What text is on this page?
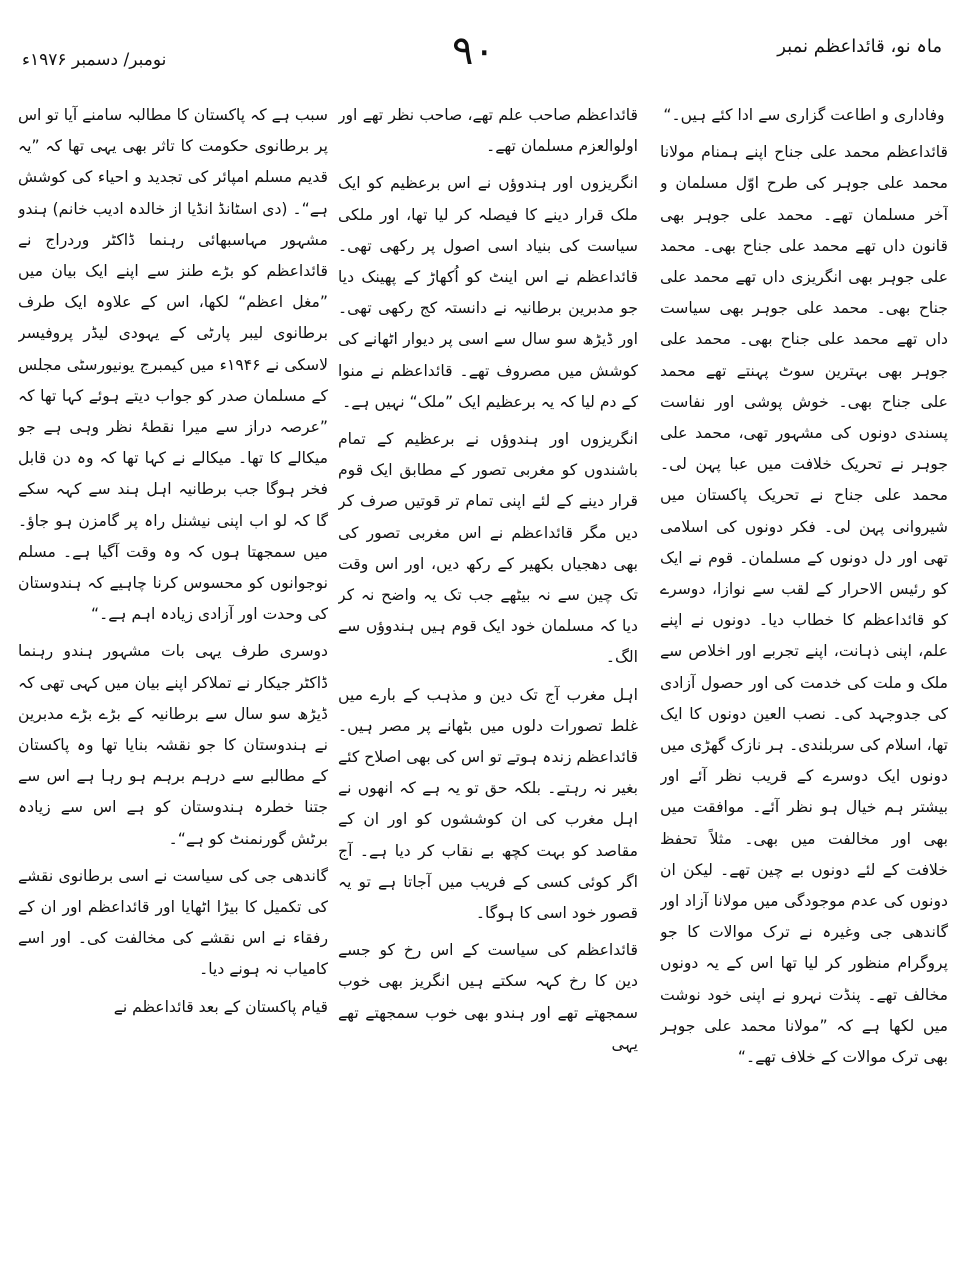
نومبر/ دسمبر ۱۹۷۶ء	۹۰	ماہ نو، قائداعظم نمبر

وفاداری و اطاعت گزاری سے ادا کئے ہیں۔“

قائداعظم محمد علی جناح اپنے ہمنام مولانا محمد علی جوہر کی طرح اوّل مسلمان و آخر مسلمان تھے۔ محمد علی جوہر بھی قانون داں تھے محمد علی جناح بھی۔ محمد علی جوہر بھی انگریزی داں تھے محمد علی جناح بھی۔ محمد علی جوہر بھی سیاست داں تھے محمد علی جناح بھی۔ محمد علی جوہر بھی بہترین سوٹ پہنتے تھے محمد علی جناح بھی۔ خوش پوشی اور نفاست پسندی دونوں کی مشہور تھی، محمد علی جوہر نے تحریک خلافت میں عبا پہن لی۔ محمد علی جناح نے تحریک پاکستان میں شیروانی پہن لی۔ فکر دونوں کی اسلامی تھی اور دل دونوں کے مسلمان۔ قوم نے ایک کو رئیس الاحرار کے لقب سے نوازا، دوسرے کو قائداعظم کا خطاب دیا۔ دونوں نے اپنے علم، اپنی ذہانت، اپنے تجربے اور اخلاص سے ملک و ملت کی خدمت کی اور حصول آزادی کی جدوجہد کی۔ نصب العین دونوں کا ایک تھا، اسلام کی سربلندی۔ ہر نازک گھڑی میں دونوں ایک دوسرے کے قریب نظر آئے اور بیشتر ہم خیال ہو نظر آئے۔ موافقت میں بھی اور مخالفت میں بھی۔ مثلاً تحفظ خلافت کے لئے دونوں بے چین تھے۔ لیکن ان دونوں کی عدم موجودگی میں مولانا آزاد اور گاندھی جی وغیرہ نے ترک موالات کا جو پروگرام منظور کر لیا تھا اس کے یہ دونوں مخالف تھے۔ پنڈت نہرو نے اپنی خود نوشت میں لکھا ہے کہ ”مولانا محمد علی جوہر بھی ترک موالات کے خلاف تھے۔“

قائداعظم صاحب علم تھے، صاحب نظر تھے اور اولوالعزم مسلمان تھے۔

انگریزوں اور ہندوؤں نے اس برعظیم کو ایک ملک قرار دینے کا فیصلہ کر لیا تھا، اور ملکی سیاست کی بنیاد اسی اصول پر رکھی تھی۔ قائداعظم نے اس اینٹ کو اُکھاڑ کے پھینک دیا جو مدبرین برطانیہ نے دانستہ کج رکھی تھی۔ اور ڈیڑھ سو سال سے اسی پر دیوار اٹھانے کی کوشش میں مصروف تھے۔ قائداعظم نے منوا کے دم لیا کہ یہ برعظیم ایک ”ملک“ نہیں ہے۔

انگریزوں اور ہندوؤں نے برعظیم کے تمام باشندوں کو مغربی تصور کے مطابق ایک قوم قرار دینے کے لئے اپنی تمام تر قوتیں صرف کر دیں مگر قائداعظم نے اس مغربی تصور کی بھی دھجیاں بکھیر کے رکھ دیں، اور اس وقت تک چین سے نہ بیٹھے جب تک یہ واضح نہ کر دیا کہ مسلمان خود ایک قوم ہیں ہندوؤں سے الگ۔

اہل مغرب آج تک دین و مذہب کے بارے میں غلط تصورات دلوں میں بٹھانے پر مصر ہیں۔ قائداعظم زندہ ہوتے تو اس کی بھی اصلاح کئے بغیر نہ رہتے۔ بلکہ حق تو یہ ہے کہ انھوں نے اہل مغرب کی ان کوششوں کو اور ان کے مقاصد کو بہت کچھ بے نقاب کر دیا ہے۔ آج اگر کوئی کسی کے فریب میں آجاتا ہے تو یہ قصور خود اسی کا ہوگا۔

قائداعظم کی سیاست کے اس رخ کو جسے دین کا رخ کہہ سکتے ہیں انگریز بھی خوب سمجھتے تھے اور ہندو بھی خوب سمجھتے تھے یہی

سبب ہے کہ پاکستان کا مطالبہ سامنے آیا تو اس پر برطانوی حکومت کا تاثر بھی یہی تھا کہ ”یہ قدیم مسلم امپائر کی تجدید و احیاء کی کوشش ہے“۔ (دی اسٹانڈ انڈیا از خالدہ ادیب خانم) ہندو مشہور مہاسبھائی رہنما ڈاکٹر وردراج نے قائداعظم کو بڑے طنز سے اپنے ایک بیان میں ”مغل اعظم“ لکھا، اس کے علاوہ ایک طرف برطانوی لیبر پارٹی کے یہودی لیڈر پروفیسر لاسکی نے ۱۹۴۶ء میں کیمبرج یونیورسٹی مجلس کے مسلمان صدر کو جواب دیتے ہوئے کہا تھا کہ ”عرصہ دراز سے میرا نقطۂ نظر وہی ہے جو میکالے کا تھا۔ میکالے نے کہا تھا کہ وہ دن قابل فخر ہوگا جب برطانیہ اہل ہند سے کہہ سکے گا کہ لو اب اپنی نیشنل راہ پر گامزن ہو جاؤ۔ میں سمجھتا ہوں کہ وہ وقت آگیا ہے۔ مسلم نوجوانوں کو محسوس کرنا چاہیے کہ ہندوستان کی وحدت اور آزادی زیادہ اہم ہے۔“

دوسری طرف یہی بات مشہور ہندو رہنما ڈاکٹر جیکار نے تملاکر اپنے بیان میں کہی تھی کہ ڈیڑھ سو سال سے برطانیہ کے بڑے بڑے مدبرین نے ہندوستان کا جو نقشہ بنایا تھا وہ پاکستان کے مطالبے سے درہم برہم ہو رہا ہے اس سے جتنا خطرہ ہندوستان کو ہے اس سے زیادہ برٹش گورنمنٹ کو ہے“۔

گاندھی جی کی سیاست نے اسی برطانوی نقشے کی تکمیل کا بیڑا اٹھایا اور قائداعظم اور ان کے رفقاء نے اس نقشے کی مخالفت کی۔ اور اسے کامیاب نہ ہونے دیا۔

قیام پاکستان کے بعد قائداعظم نے
